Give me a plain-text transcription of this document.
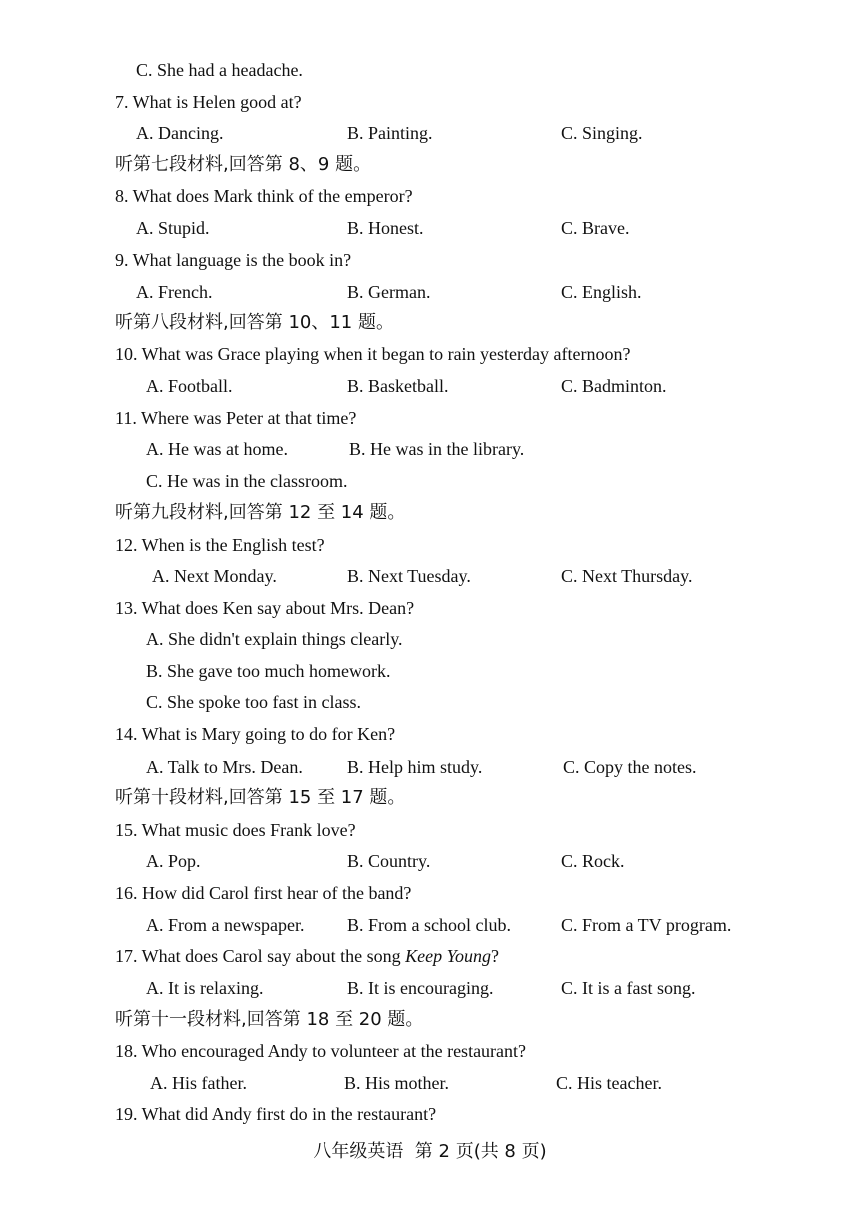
C. She had a headache.
7. What is Helen good at?
A. Dancing.	B. Painting.	C. Singing.
听第七段材料,回答第 8、9 题。
8. What does Mark think of the emperor?
A. Stupid.	B. Honest.	C. Brave.
9. What language is the book in?
A. French.	B. German.	C. English.
听第八段材料,回答第 10、11 题。
10. What was Grace playing when it began to rain yesterday afternoon?
A. Football.	B. Basketball.	C. Badminton.
11. Where was Peter at that time?
A. He was at home.	B. He was in the library.
C. He was in the classroom.
听第九段材料,回答第 12 至 14 题。
12. When is the English test?
A. Next Monday.	B. Next Tuesday.	C. Next Thursday.
13. What does Ken say about Mrs. Dean?
A. She didn't explain things clearly.
B. She gave too much homework.
C. She spoke too fast in class.
14. What is Mary going to do for Ken?
A. Talk to Mrs. Dean. B. Help him study.	C. Copy the notes.
听第十段材料,回答第 15 至 17 题。
15. What music does Frank love?
A. Pop.	B. Country.	C. Rock.
16. How did Carol first hear of the band?
A. From a newspaper. B. From a school club.	C. From a TV program.
17. What does Carol say about the song Keep Young?
A. It is relaxing.	B. It is encouraging.	C. It is a fast song.
听第十一段材料,回答第 18 至 20 题。
18. Who encouraged Andy to volunteer at the restaurant?
A. His father.	B. His mother.	C. His teacher.
19. What did Andy first do in the restaurant?
八年级英语 第 2 页(共 8 页)
